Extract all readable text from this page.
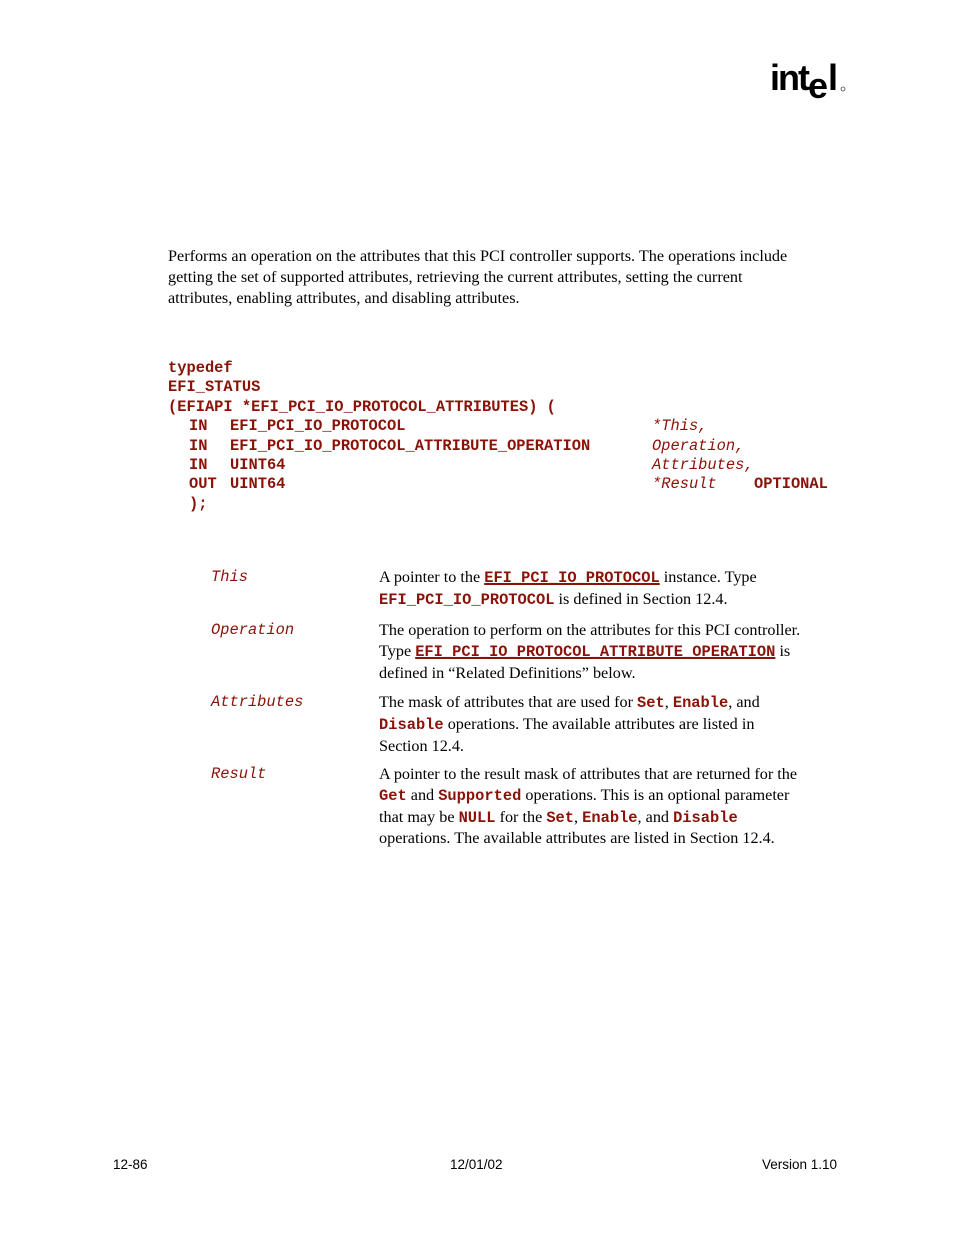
int e l
Performs an operation on the attributes that this PCI controller supports. The operations include
getting the set of supported attributes, retrieving the current attributes, setting the current
attributes, enabling attributes, and disabling attributes.
typedef
EFI_STATUS
(EFIAPI *EFI_PCI_IO_PROTOCOL_ATTRIBUTES) (
IN EFI_PCI_IO_PROTOCOL	*This,
IN EFI_PCI_IO_PROTOCOL_ATTRIBUTE_OPERATION	Operation,
IN UINT64	Attributes,
OUT UINT64	*Result OPTIONAL
);
This	A pointer to the EFI_PCI_IO_PROTOCOL instance. Type
EFI_PCI_IO_PROTOCOL is defined in Section 12.4.
Operation	The operation to perform on the attributes for this PCI controller.
Type EFI_PCI_IO_PROTOCOL_ATTRIBUTE_OPERATION is
defined in “Related Definitions” below.
Attributes	The mask of attributes that are used for Set, Enable, and
Disable operations. The available attributes are listed in
Section 12.4.
Result	A pointer to the result mask of attributes that are returned for the
Get and Supported operations. This is an optional parameter
that may be NULL for the Set, Enable, and Disable
operations. The available attributes are listed in Section 12.4.
12-86	12/01/02	Version 1.10
